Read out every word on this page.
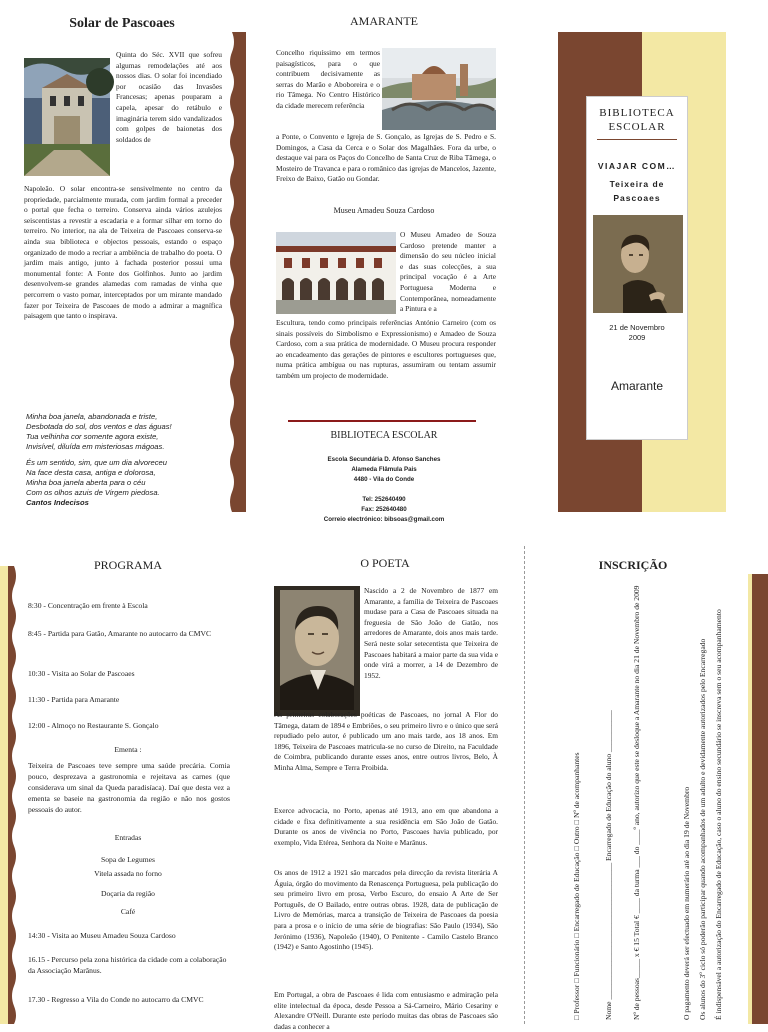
Solar de Pascoaes
Quinta do Séc. XVII que sofreu algumas remodelações até aos nossos dias. O solar foi incendiado por ocasião das Invasões Francesas; apenas pouparam a capela, apesar do retábulo e imaginária terem sido vandalizados com golpes de baionetas dos soldados de
Napoleão. O solar encontra-se sensivelmente no centro da propriedade, parcialmente murada, com jardim formal a preceder o portal que fecha o terreiro. Conserva ainda vários azulejos seiscentistas a revestir a escadaria e a formar silhar em torno do terreiro. No interior, na ala de Teixeira de Pascoaes conserva-se ainda sua biblioteca e objectos pessoais, estando o espaço organizado de modo a recriar a ambiência de trabalho do poeta. O jardim mais antigo, junto à fachada posterior possui uma monumental fonte: A Fonte dos Golfinhos. Junto ao jardim desenvolvem-se grandes alamedas com ramadas de vinha que percorrem o vasto pomar, interceptados por um mirante mandado fazer por Teixeira de Pascoaes de modo a admirar a magnífica paisagem que tanto o inspirava.

Minha boa janela, abandonada e triste,

Desbotada do sol, dos ventos e das águas!

Tua velhinha cor somente agora existe,

Invisível, diluída em misteriosas mágoas.

És um sentido, sim, que um dia alvoreceu

Na face desta casa, antiga e dolorosa,

Minha boa janela aberta para o céu

Com os olhos azuis de Virgem piedosa.

Cantos Indecisos

AMARANTE
Concelho riquíssimo em termos paisagísticos, para o que contribuem decisivamente as serras do Marão e Aboboreira e o rio Tâmega. No Centro Histórico da cidade merecem referência
a Ponte, o Convento e Igreja de S. Gonçalo, as Igrejas de S. Pedro e S. Domingos, a Casa da Cerca e o Solar dos Magalhães. Fora da urbe, o destaque vai para os Paços do Concelho de Santa Cruz de Riba Tâmega, o Mosteiro de Travanca e para o românico das igrejas de Mancelos, Jazente, Freixo de Baixo, Gatão ou Gondar.
Museu Amadeu Souza Cardoso
O Museu Amadeo de Souza Cardoso pretende manter a dimensão do seu núcleo inicial e das suas colecções, a sua principal vocação é a Arte Portuguesa Moderna e Contemporânea, nomeadamente a Pintura e a
Escultura, tendo como principais referências António Carneiro (com os sinais possíveis do Simbolismo e Expressionismo) e Amadeo de Souza Cardoso, com a sua prática de modernidade. O Museu procura responder ao encadeamento das gerações de pintores e escultores portugueses que, numa prática ambígua ou nas rupturas, assumiram ou tentam assumir também um projecto de modernidade.
BIBLIOTECA ESCOLAR
Escola Secundária D. Afonso Sanches
Alameda Flâmula Pais
4480 - Vila do Conde
Tel: 252640490
Fax: 252640480
Correio electrónico: bibsoas@gmail.com
BIBLIOTECA
ESCOLAR
VIAJAR COM…
Teixeira de
Pascoaes
21 de Novembro
2009
Amarante
PROGRAMA

8:30 - Concentração em frente à Escola

8:45 - Partida para Gatão, Amarante no autocarro da CMVC

10:30 - Visita ao Solar de Pascoaes

11:30 - Partida para Amarante

12:00 - Almoço no Restaurante S. Gonçalo

Ementa :

Teixeira de Pascoaes teve sempre uma saúde precária. Comia pouco, desprezava a gastronomia e rejeitava as carnes (que considerava um sinal da Queda paradisíaca). Daí que desta vez a ementa se baseie na gastronomia da região e não nos gostos pessoais do autor.

Entradas

Sopa de Legumes

Vitela assada no forno

Doçaria da região

Café

14:30 - Visita ao Museu Amadeu Souza Cardoso

16.15 - Percurso pela zona histórica da cidade com a colaboração da Associação Marânus.

17.30 - Regresso a Vila do Conde no autocarro da CMVC

O POETA
Nascido a 2 de Novembro de 1877 em Amarante, a família de Teixeira de Pascoaes mudase para a Casa de Pascoaes situada na freguesia de São João de Gatão, nos arredores de Amarante, dois anos mais tarde. Será neste solar setecentista que Teixeira de Pascoaes habitará a maior parte da sua vida e onde virá a morrer, a 14 de Dezembro de 1952.
As primeiras colaborações poéticas de Pascoaes, no jornal A Flor do Tâmega, datam de 1894 e Embriões, o seu primeiro livro e o único que será repudiado pelo autor, é publicado um ano mais tarde, aos 18 anos. Em 1896, Teixeira de Pascoaes matricula-se no curso de Direito, na Faculdade de Coimbra, publicando durante esses anos, entre outros livros, Belo, À Minha Alma, Sempre e Terra Proibida.
Exerce advocacia, no Porto, apenas até 1913, ano em que abandona a cidade e fixa definitivamente a sua residência em São João de Gatão. Durante os anos de vivência no Porto, Pascoaes havia publicado, por exemplo, Vida Etérea, Senhora da Noite e Marânus.
Os anos de 1912 a 1921 são marcados pela direcção da revista literária A Águia, órgão do movimento da Renascença Portuguesa, pela publicação do seu primeiro livro em prosa, Verbo Escuro, do ensaio A Arte de Ser Português, de O Bailado, entre outras obras. 1928, data de publicação de Livro de Memórias, marca a transição de Teixeira de Pascoaes da poesia para a prosa e o início de uma série de biografias: São Paulo (1934), São Jerónimo (1936), Napoleão (1940), O Penitente - Camilo Castelo Branco (1942) e Santo Agostinho (1945).
Em Portugal, a obra de Pascoaes é lida com entusiasmo e admiração pela elite intelectual da época, desde Pessoa a Sá-Carneiro, Mário Cesariny e Alexandre O'Neill. Durante este período muitas das obras de Pascoaes são dadas a conhecer a
INSCRIÇÃO
□ Professor □ Funcionário □ Encarregado de Educação □ Outro □ Nº de acompanhantes	Nome ____________________________________ Encarregado de Educação do aluno ___________	Nº de pessoas_____ x € 15 Total € ____ da turma ___ do ____º ano, autorizo que este se desloque a Amarante no dia 21 de Novembro de 2009	O pagamento deverá ser efectuado em numerário até ao dia 19 de Novembro Os alunos do 3º ciclo só poderão participar quando acompanhados de um adulto e devidamente autorizados pelo Encarregado É indispensável a autorização do Encarregado de Educação, caso o aluno do ensino secundário se inscreva sem o seu acompanhamento
